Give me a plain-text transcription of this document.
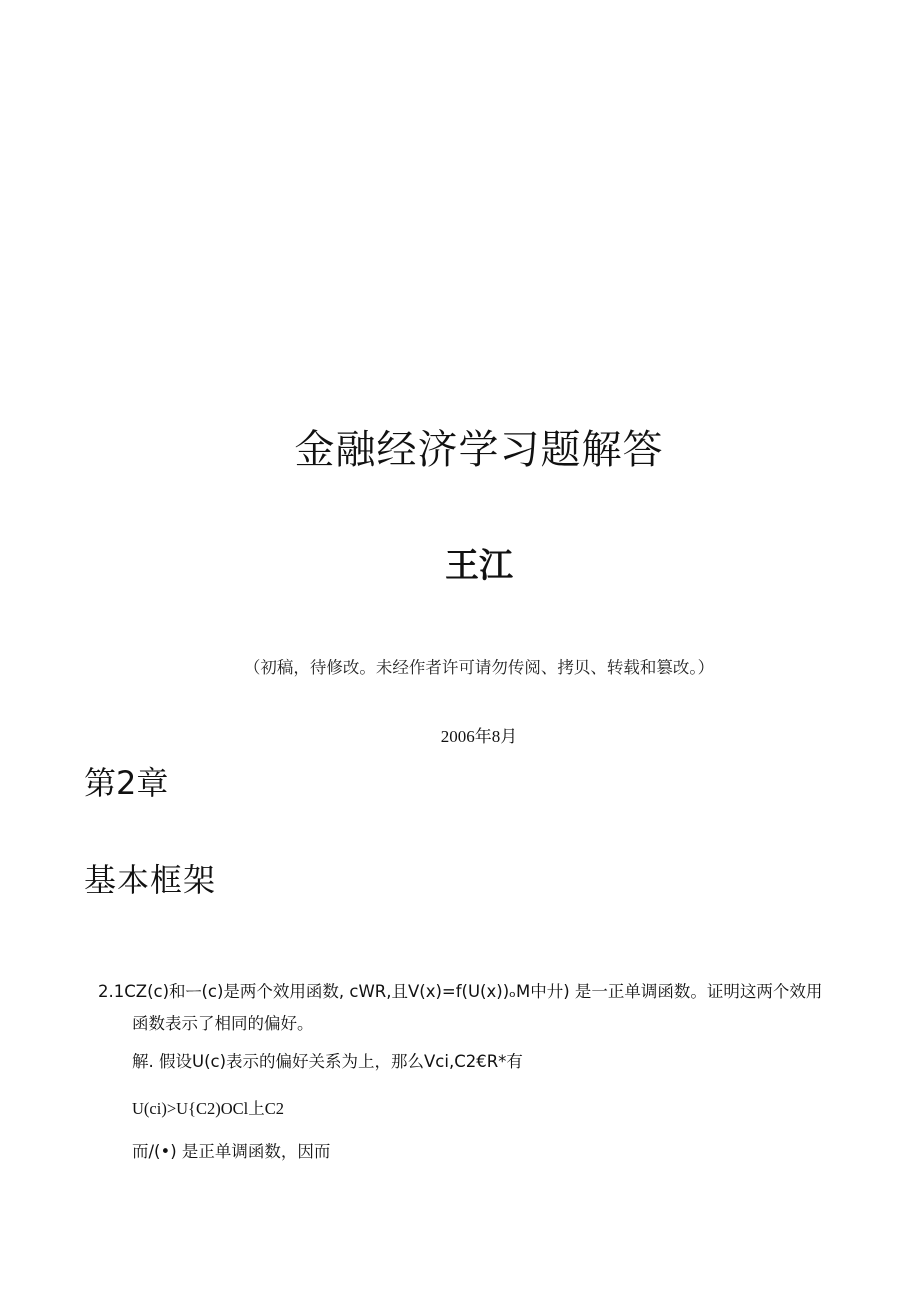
金融经济学习题解答
王江
（初稿，待修改。未经作者许可请勿传阅、拷贝、转载和篡改。）
2006年8月
第2章
基本框架
2.1CZ(c)和ᅳ(c)是两个效用函数, cWR,且V(x)=f(U(x))ₒM中廾) 是一正单调函数。证明这两个效用
函数表示了相同的偏好。
解. 假设U(c)表示的偏好关系为上，那么Vci,C2€R*有
U(ci)>U{C2)OCl上C2
而/(•) 是正单调函数，因而
